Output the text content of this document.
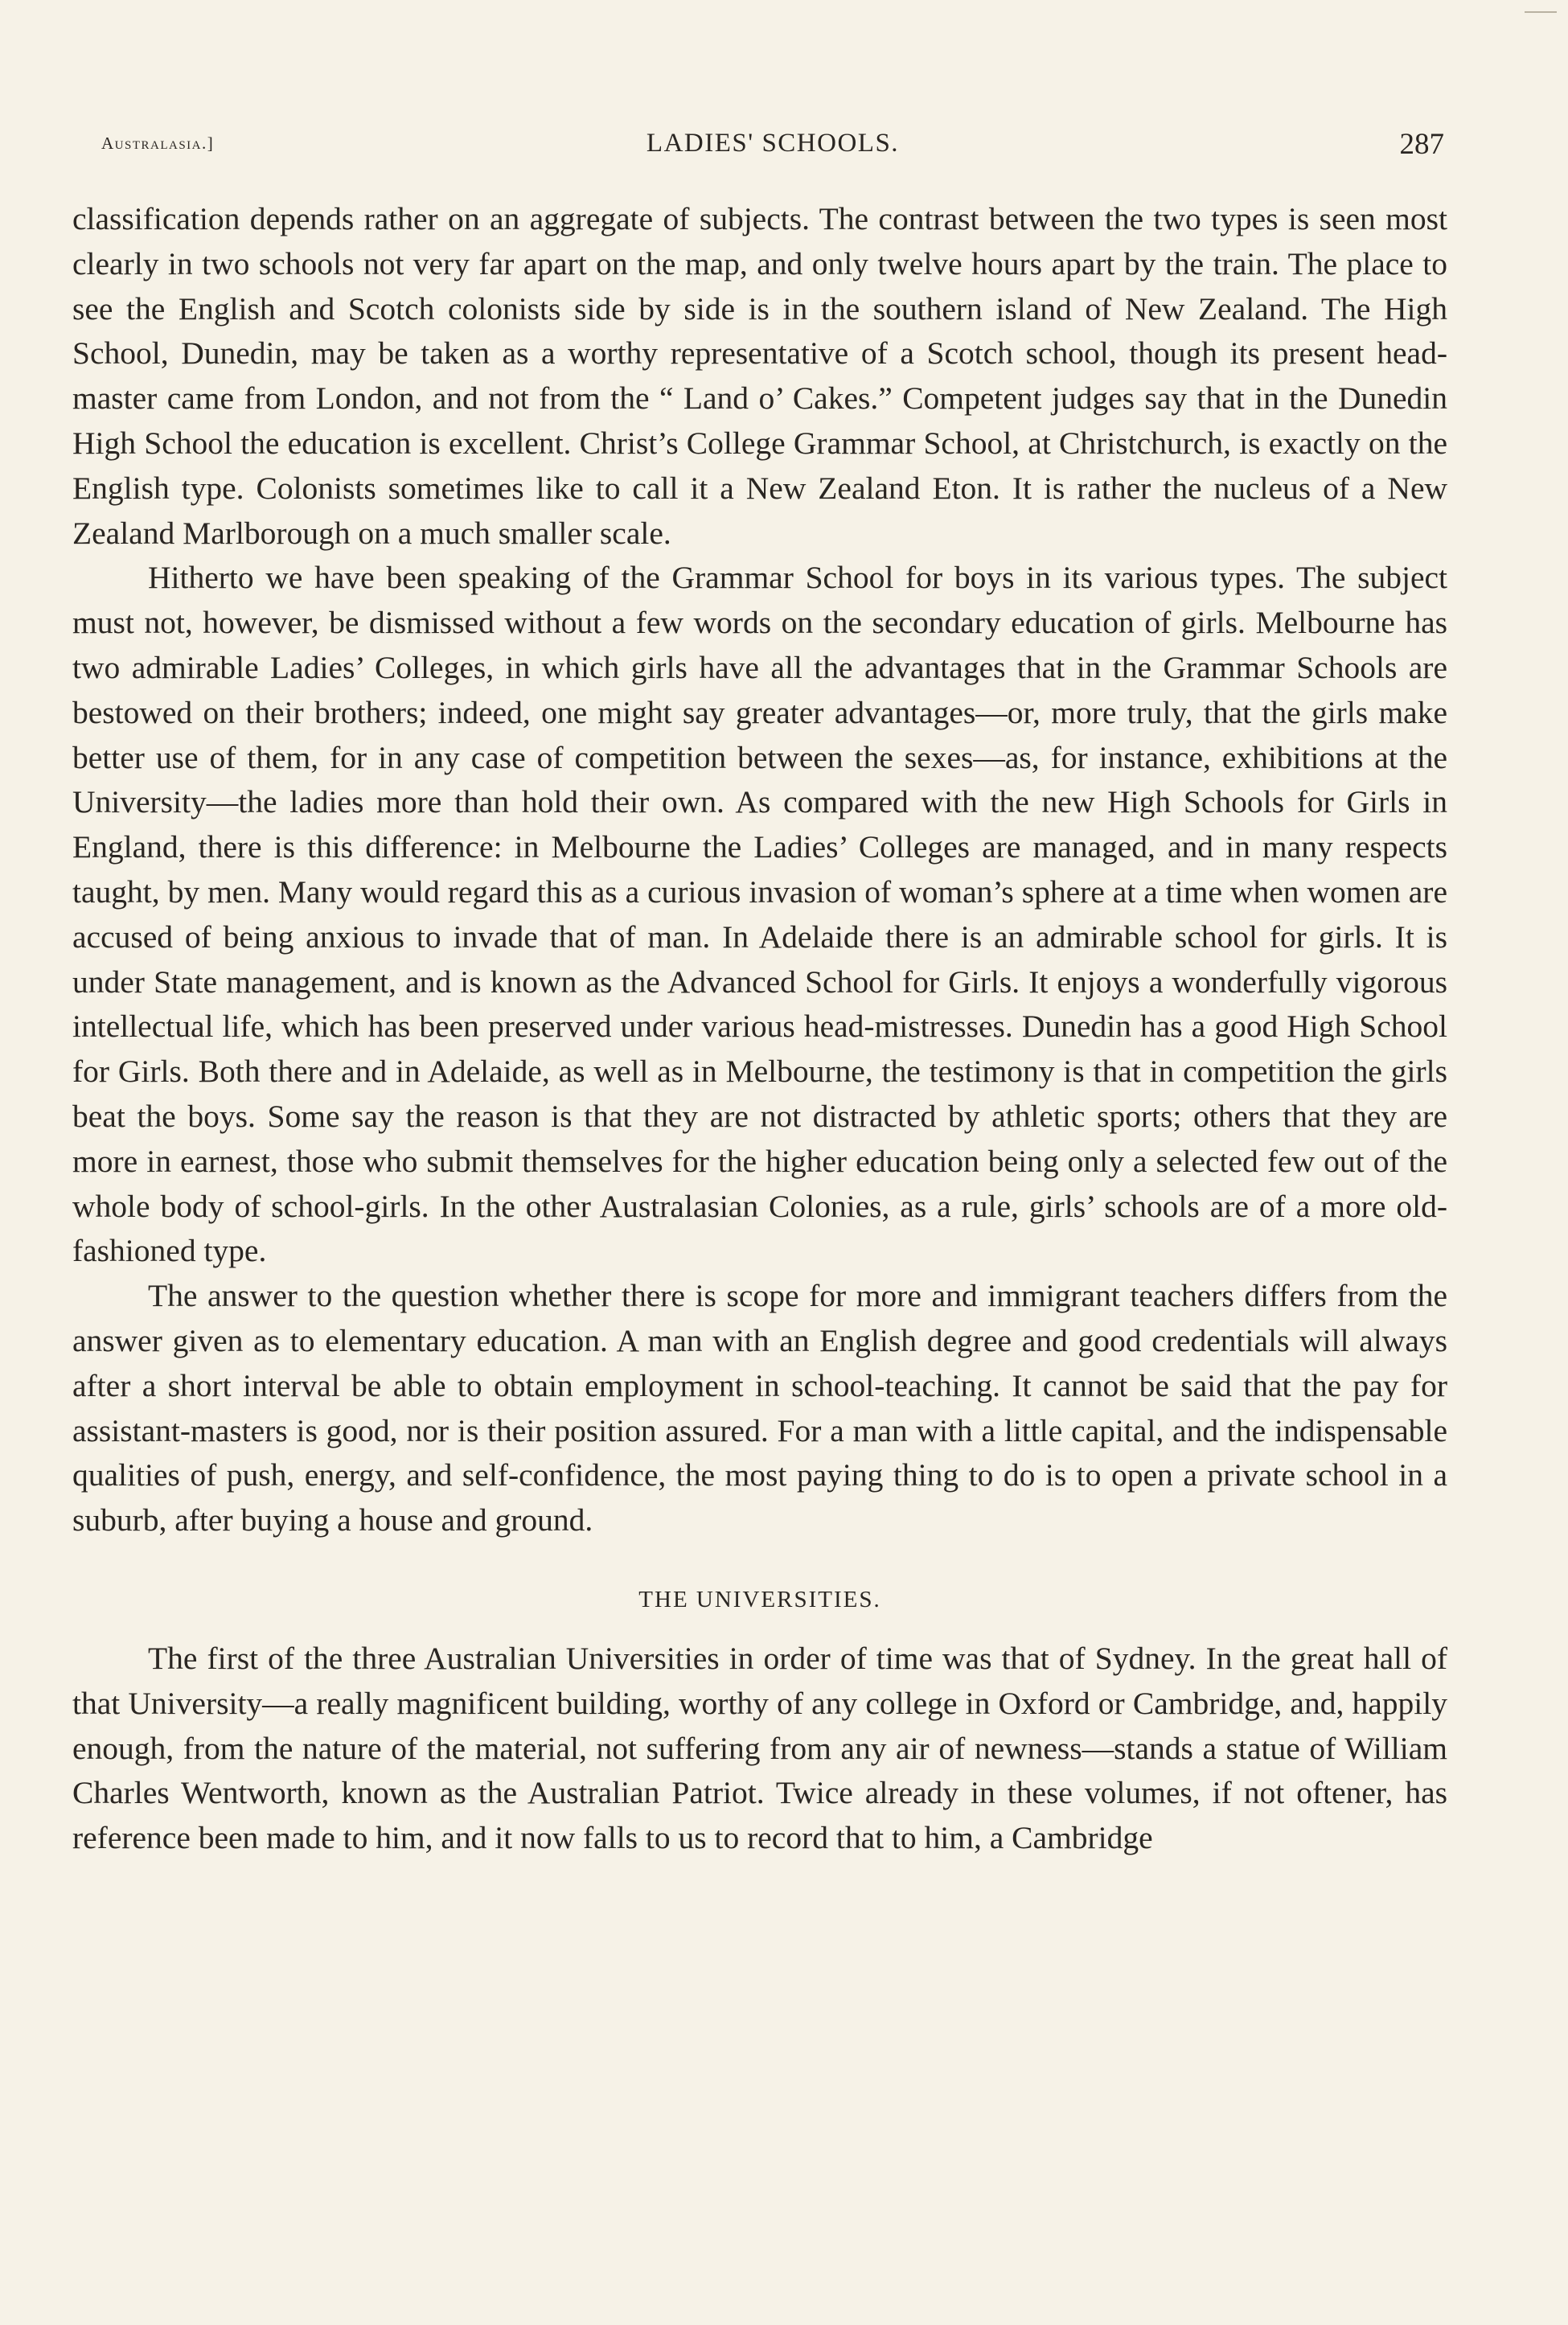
Australasia.]	LADIES' SCHOOLS.	287

classification depends rather on an aggregate of subjects. The contrast between the two types is seen most clearly in two schools not very far apart on the map, and only twelve hours apart by the train. The place to see the English and Scotch colonists side by side is in the southern island of New Zealand. The High School, Dunedin, may be taken as a worthy representative of a Scotch school, though its present head-master came from London, and not from the “ Land o’ Cakes.” Competent judges say that in the Dunedin High School the education is excellent. Christ’s College Grammar School, at Christchurch, is exactly on the English type. Colonists sometimes like to call it a New Zealand Eton. It is rather the nucleus of a New Zealand Marlborough on a much smaller scale.

Hitherto we have been speaking of the Grammar School for boys in its various types. The subject must not, however, be dismissed without a few words on the secondary education of girls. Melbourne has two admirable Ladies’ Colleges, in which girls have all the advantages that in the Grammar Schools are bestowed on their brothers; indeed, one might say greater advantages—or, more truly, that the girls make better use of them, for in any case of competition between the sexes—as, for instance, exhibitions at the University—the ladies more than hold their own. As compared with the new High Schools for Girls in England, there is this difference: in Melbourne the Ladies’ Colleges are managed, and in many respects taught, by men. Many would regard this as a curious invasion of woman’s sphere at a time when women are accused of being anxious to invade that of man. In Adelaide there is an admirable school for girls. It is under State management, and is known as the Advanced School for Girls. It enjoys a wonderfully vigorous intellectual life, which has been preserved under various head-mistresses. Dunedin has a good High School for Girls. Both there and in Adelaide, as well as in Melbourne, the testimony is that in competition the girls beat the boys. Some say the reason is that they are not distracted by athletic sports; others that they are more in earnest, those who submit themselves for the higher education being only a selected few out of the whole body of school-girls. In the other Australasian Colonies, as a rule, girls’ schools are of a more old-fashioned type.

The answer to the question whether there is scope for more and immigrant teachers differs from the answer given as to elementary education. A man with an English degree and good credentials will always after a short interval be able to obtain employment in school-teaching. It cannot be said that the pay for assistant-masters is good, nor is their position assured. For a man with a little capital, and the indispensable qualities of push, energy, and self-confidence, the most paying thing to do is to open a private school in a suburb, after buying a house and ground.

THE UNIVERSITIES.

The first of the three Australian Universities in order of time was that of Sydney. In the great hall of that University—a really magnificent building, worthy of any college in Oxford or Cambridge, and, happily enough, from the nature of the material, not suffering from any air of newness—stands a statue of William Charles Wentworth, known as the Australian Patriot. Twice already in these volumes, if not oftener, has reference been made to him, and it now falls to us to record that to him, a Cambridge
